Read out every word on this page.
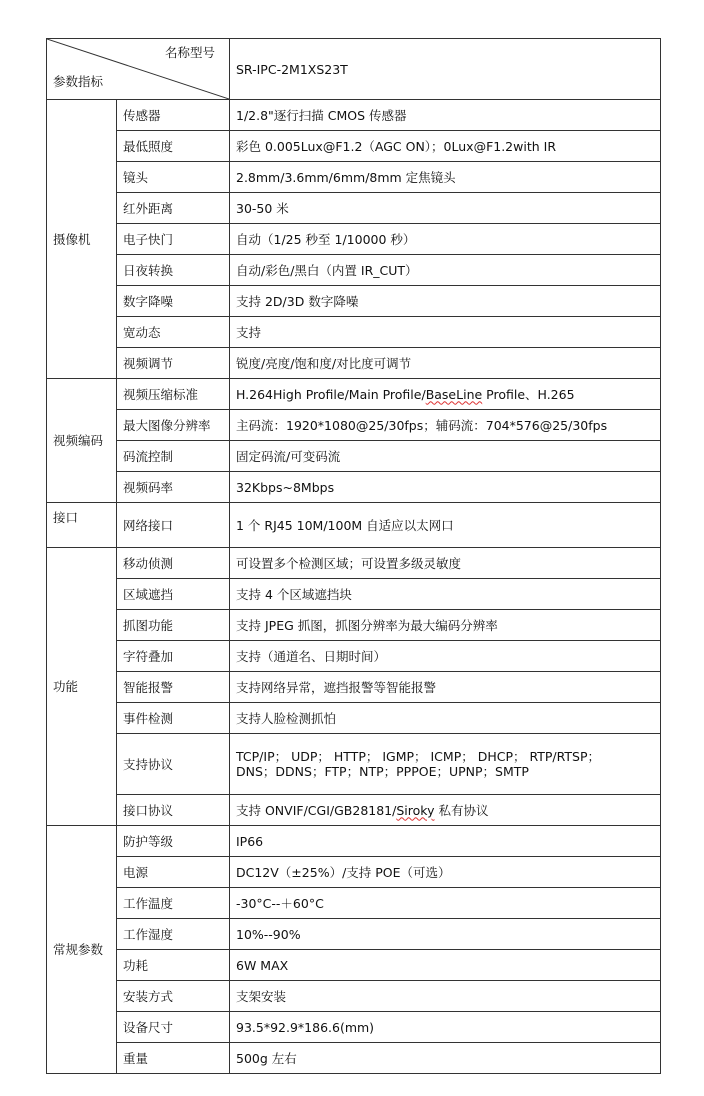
名称型号
参数指标		SR-IPC-2M1XS23T
摄像机	传感器	1/2.8"逐行扫描 CMOS 传感器
	最低照度	彩色 0.005Lux@F1.2（AGC ON）；0Lux@F1.2with IR
	镜头	2.8mm/3.6mm/6mm/8mm 定焦镜头
	红外距离	30-50 米
	电子快门	自动（1/25 秒至 1/10000 秒）
	日夜转换	自动/彩色/黑白（内置 IR_CUT）
	数字降噪	支持 2D/3D 数字降噪
	宽动态	支持
	视频调节	锐度/亮度/饱和度/对比度可调节
视频编码	视频压缩标准	H.264High Profile/Main Profile/BaseLine Profile、H.265
	最大图像分辨率	主码流：1920*1080@25/30fps；辅码流：704*576@25/30fps
	码流控制	固定码流/可变码流
	视频码率	32Kbps~8Mbps
接口	网络接口	1 个 RJ45 10M/100M 自适应以太网口
功能	移动侦测	可设置多个检测区域；可设置多级灵敏度
	区域遮挡	支持 4 个区域遮挡块
	抓图功能	支持 JPEG 抓图，抓图分辨率为最大编码分辨率
	字符叠加	支持（通道名、日期时间）
	智能报警	支持网络异常，遮挡报警等智能报警
	事件检测	支持人脸检测抓怕
	支持协议	TCP/IP； UDP； HTTP； IGMP； ICMP； DHCP； RTP/RTSP；
DNS；DDNS；FTP；NTP；PPPOE；UPNP；SMTP

	接口协议	支持 ONVIF/CGI/GB28181/Siroky 私有协议
常规参数	防护等级	IP66
	电源	DC12V（±25%）/支持 POE（可选）
	工作温度	-30°C--＋60°C
	工作湿度	10%--90%
	功耗	6W MAX
	安装方式	支架安装
	设备尺寸	93.5*92.9*186.6(mm)
	重量	500g 左右
